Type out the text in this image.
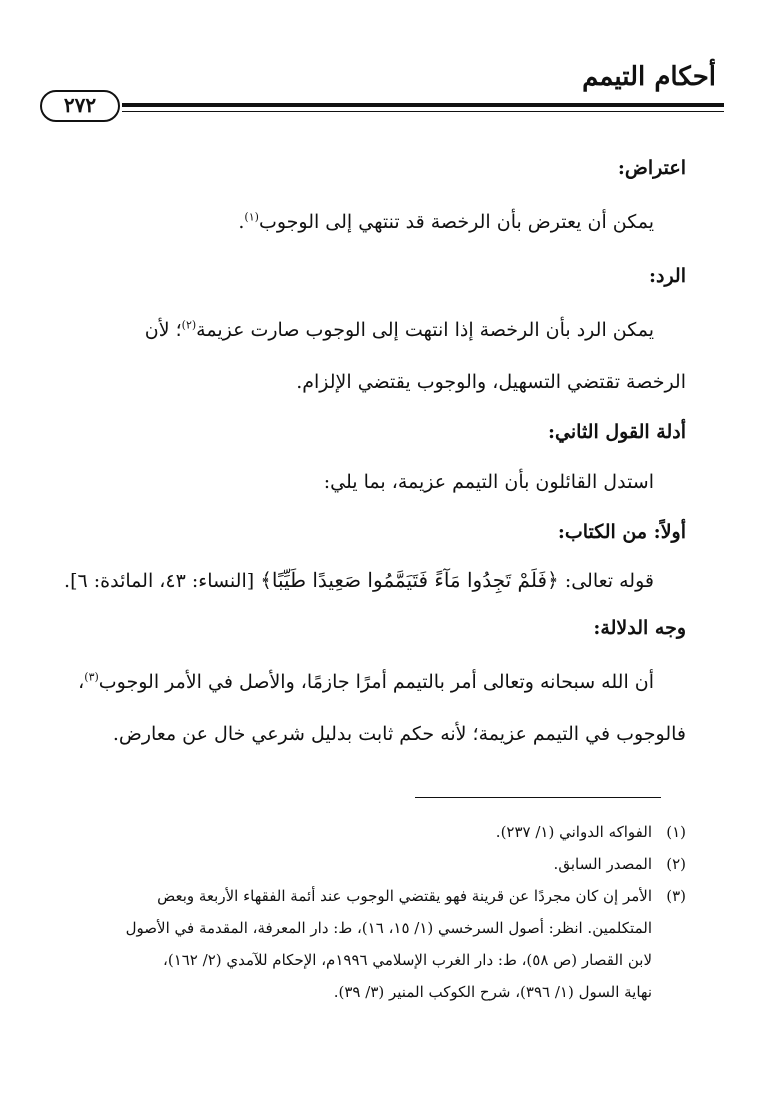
أحكام التيمم
٢٧٢

اعتراض:

يمكن أن يعترض بأن الرخصة قد تنتهي إلى الوجوب$^{(١)}$.

الرد:

يمكن الرد بأن الرخصة إذا انتهت إلى الوجوب صارت عزيمة$^{(٢)}$؛ لأن

الرخصة تقتضي التسهيل، والوجوب يقتضي الإلزام.

أدلة القول الثاني:

استدل القائلون بأن التيمم عزيمة، بما يلي:

أولاً: من الكتاب:

قوله تعالى: ﴿فَلَمْ تَجِدُوا مَآءً فَتَيَمَّمُوا صَعِيدًا طَيِّبًا﴾ [النساء: ٤٣، المائدة: ٦].

وجه الدلالة:

أن الله سبحانه وتعالى أمر بالتيمم أمرًا جازمًا، والأصل في الأمر الوجوب$^{(٣)}$،

فالوجوب في التيمم عزيمة؛ لأنه حكم ثابت بدليل شرعي خال عن معارض.

(١)الفواكه الدواني (١/ ٢٣٧).

(٢)المصدر السابق.

(٣)الأمر إن كان مجردًا عن قرينة فهو يقتضي الوجوب عند أئمة الفقهاء الأربعة وبعض

المتكلمين. انظر: أصول السرخسي (١/ ١٥، ١٦)، ط: دار المعرفة، المقدمة في الأصول

لابن القصار (ص ٥٨)، ط: دار الغرب الإسلامي ١٩٩٦م، الإحكام للآمدي (٢/ ١٦٢)،

نهاية السول (١/ ٣٩٦)، شرح الكوكب المنير (٣/ ٣٩).
